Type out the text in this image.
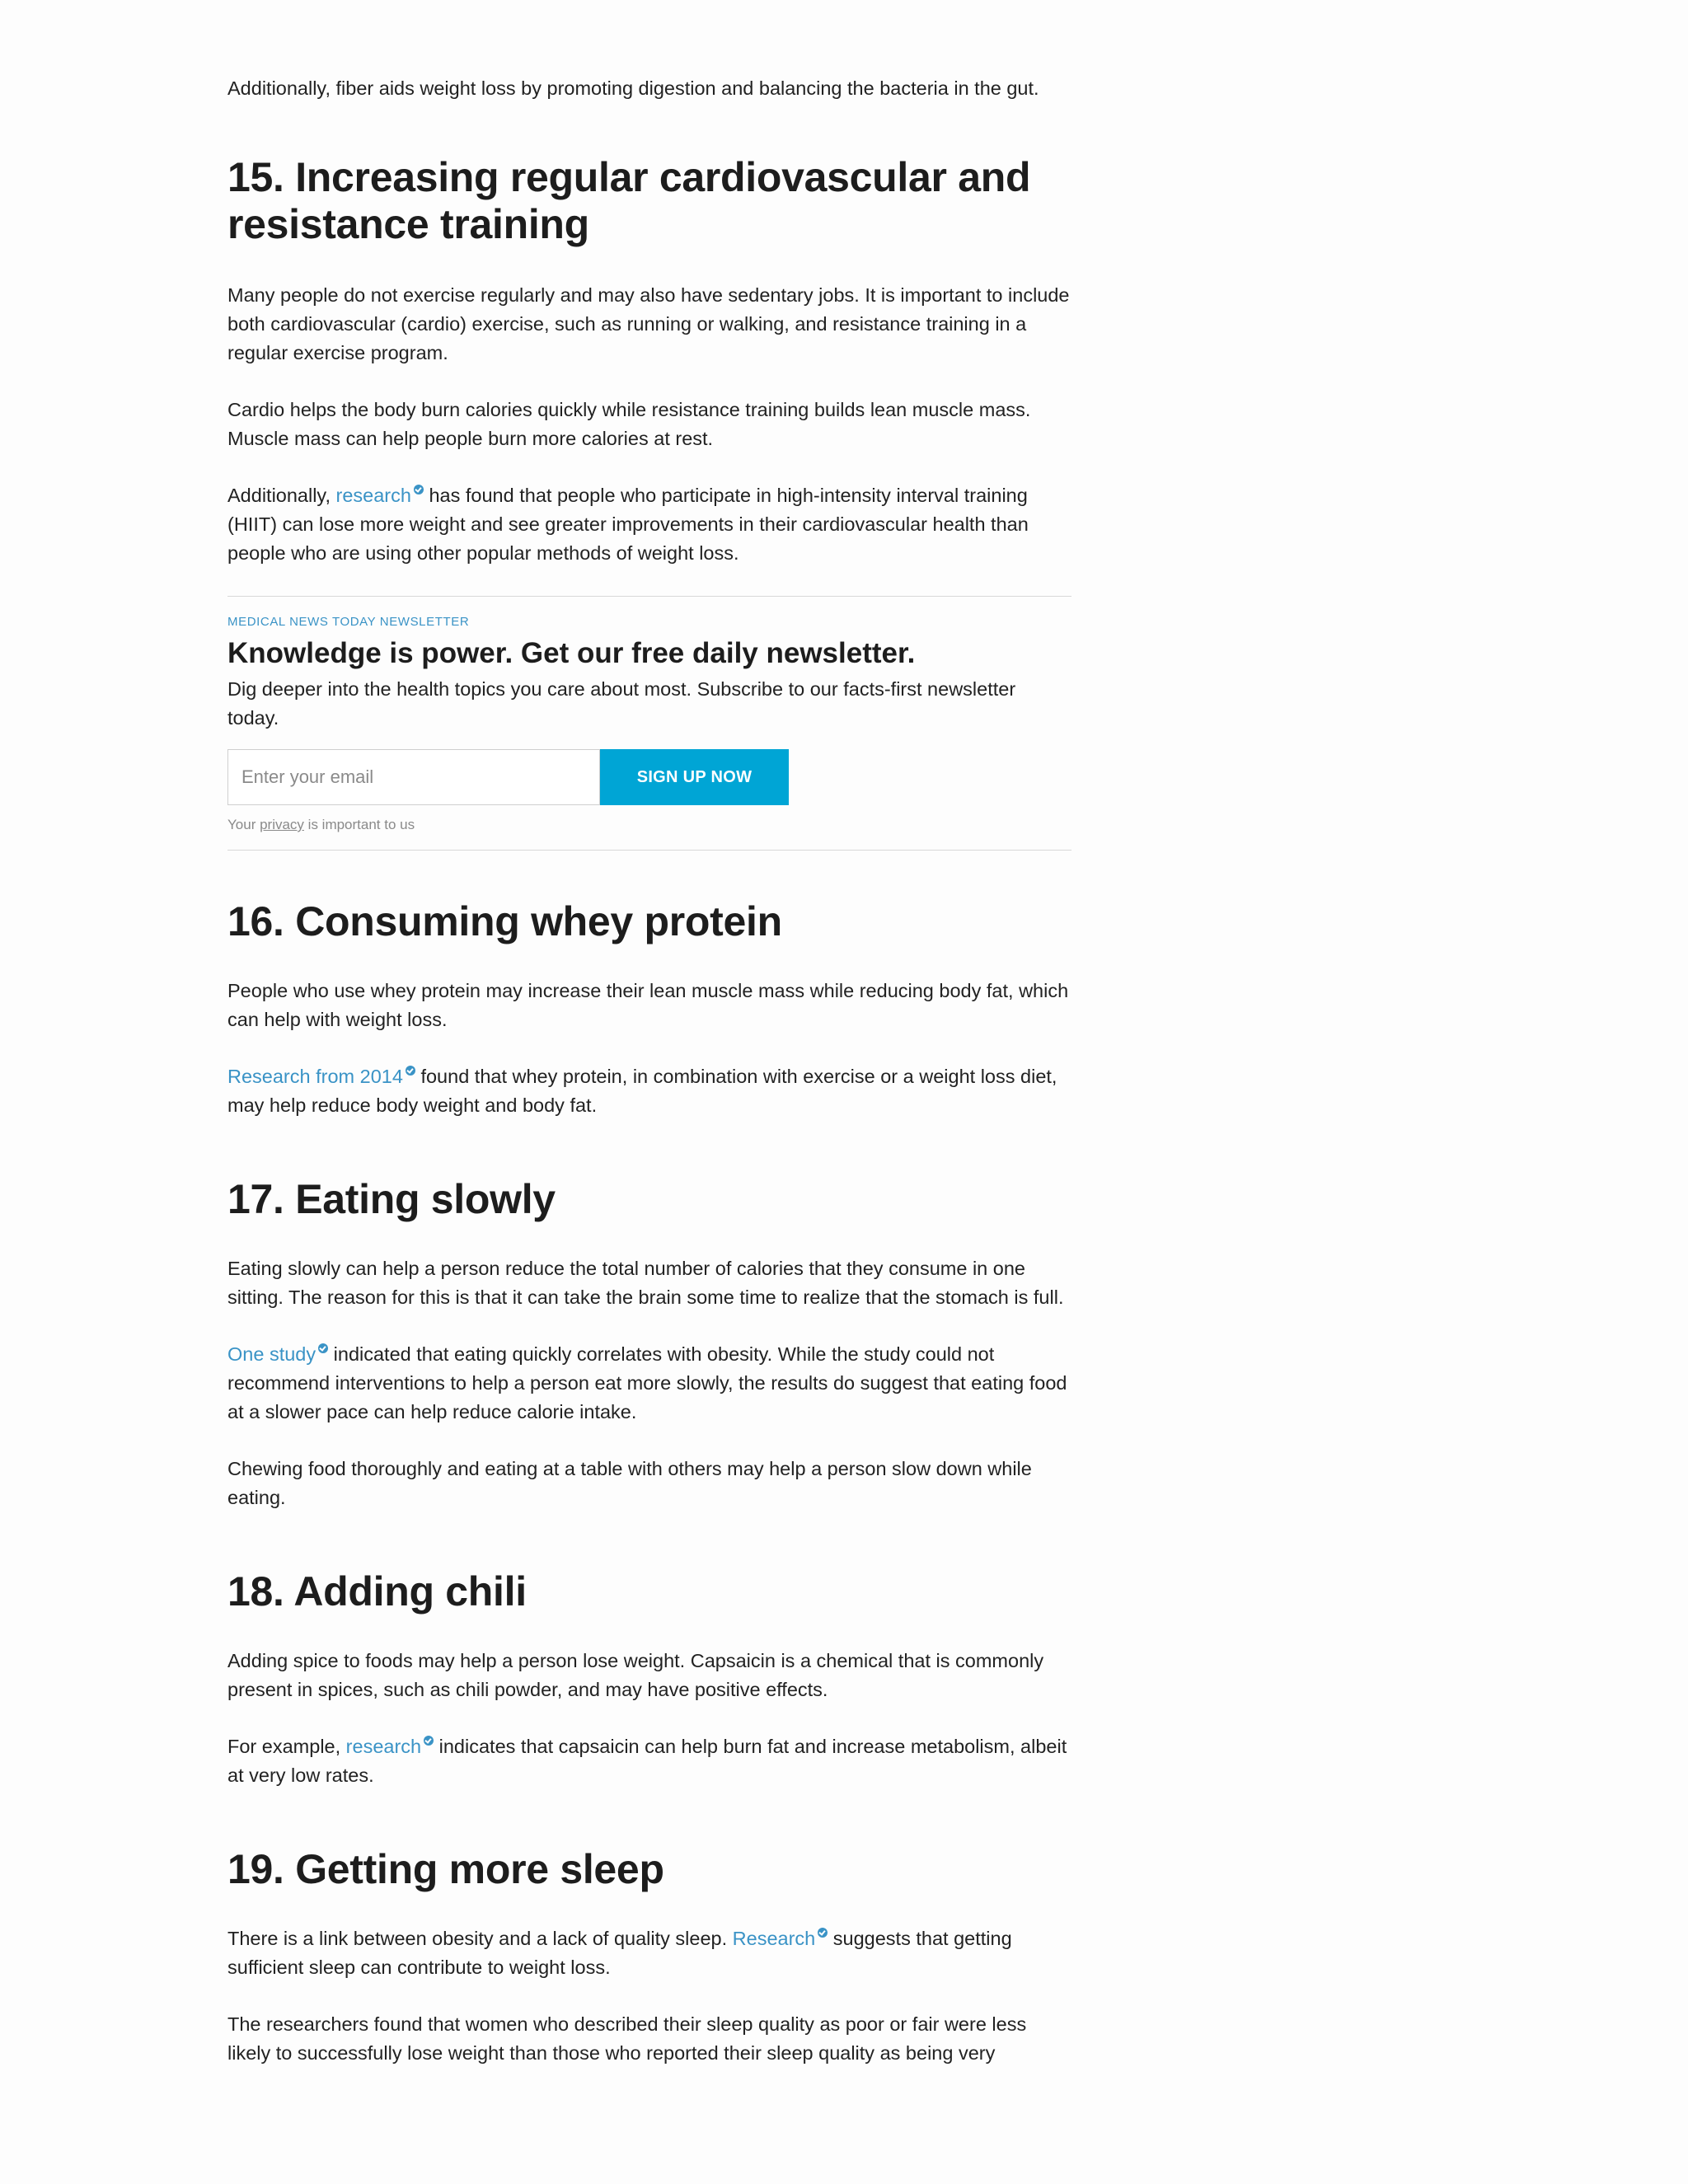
Additionally, fiber aids weight loss by promoting digestion and balancing the bacteria in the gut.

15. Increasing regular cardiovascular and resistance training

Many people do not exercise regularly and may also have sedentary jobs. It is important to include both cardiovascular (cardio) exercise, such as running or walking, and resistance training in a regular exercise program.

Cardio helps the body burn calories quickly while resistance training builds lean muscle mass. Muscle mass can help people burn more calories at rest.

Additionally, research has found that people who participate in high-intensity interval training (HIIT) can lose more weight and see greater improvements in their cardiovascular health than people who are using other popular methods of weight loss.

MEDICAL NEWS TODAY NEWSLETTER
Knowledge is power. Get our free daily newsletter.
Dig deeper into the health topics you care about most. Subscribe to our facts-first newsletter today.
Enter your email
SIGN UP NOW
Your privacy is important to us
16. Consuming whey protein

People who use whey protein may increase their lean muscle mass while reducing body fat, which can help with weight loss.

Research from 2014 found that whey protein, in combination with exercise or a weight loss diet, may help reduce body weight and body fat.

17. Eating slowly

Eating slowly can help a person reduce the total number of calories that they consume in one sitting. The reason for this is that it can take the brain some time to realize that the stomach is full.

One study indicated that eating quickly correlates with obesity. While the study could not recommend interventions to help a person eat more slowly, the results do suggest that eating food at a slower pace can help reduce calorie intake.

Chewing food thoroughly and eating at a table with others may help a person slow down while eating.

18. Adding chili

Adding spice to foods may help a person lose weight. Capsaicin is a chemical that is commonly present in spices, such as chili powder, and may have positive effects.

For example, research indicates that capsaicin can help burn fat and increase metabolism, albeit at very low rates.

19. Getting more sleep

There is a link between obesity and a lack of quality sleep. Research suggests that getting sufficient sleep can contribute to weight loss.

The researchers found that women who described their sleep quality as poor or fair were less likely to successfully lose weight than those who reported their sleep quality as being very
